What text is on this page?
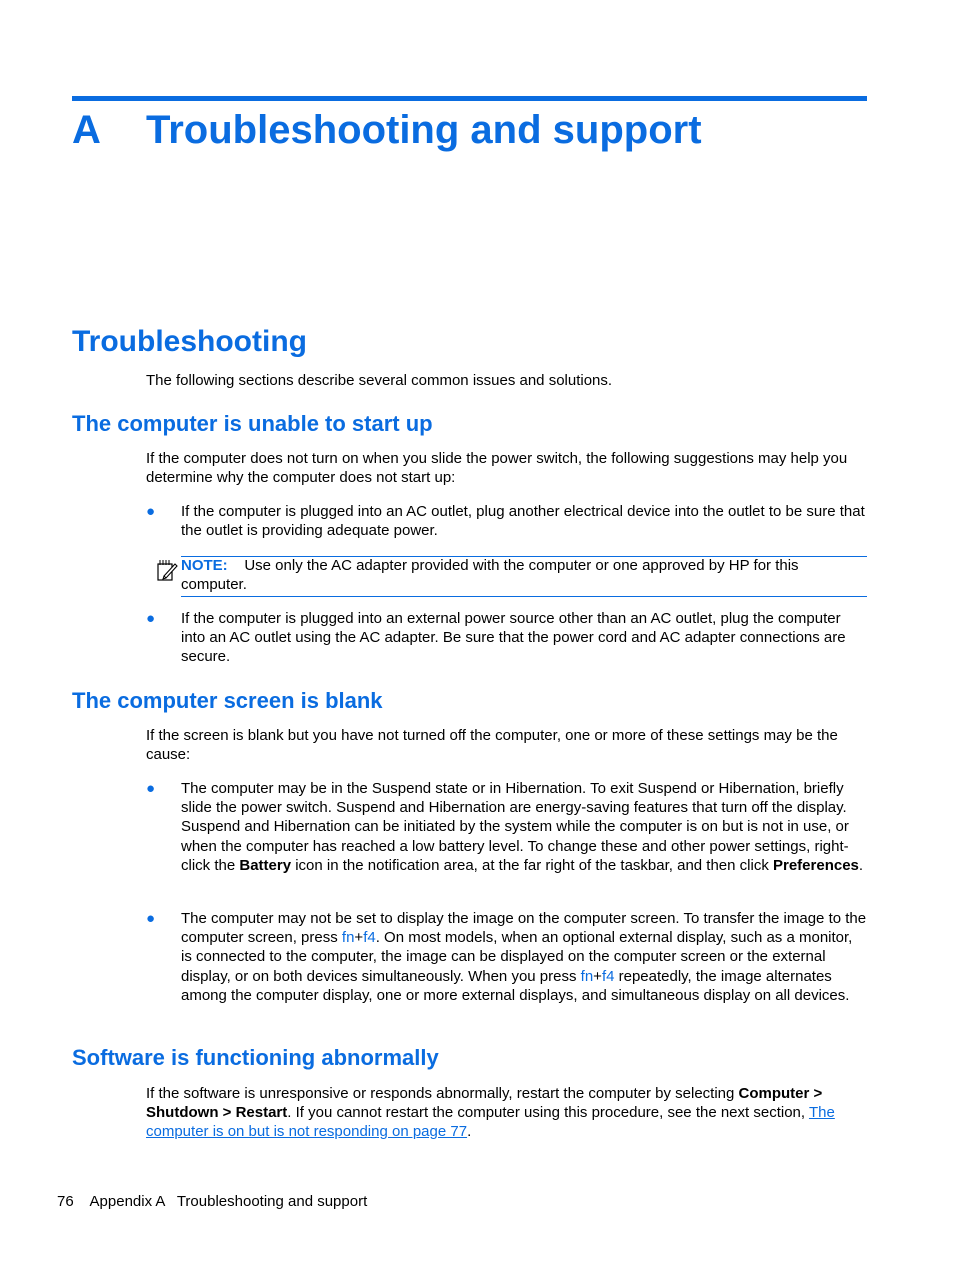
A Troubleshooting and support
Troubleshooting
The following sections describe several common issues and solutions.
The computer is unable to start up
If the computer does not turn on when you slide the power switch, the following suggestions may help you determine why the computer does not start up:
● If the computer is plugged into an AC outlet, plug another electrical device into the outlet to be sure that the outlet is providing adequate power.
NOTE: Use only the AC adapter provided with the computer or one approved by HP for this computer.
● If the computer is plugged into an external power source other than an AC outlet, plug the computer into an AC outlet using the AC adapter. Be sure that the power cord and AC adapter connections are secure.
The computer screen is blank
If the screen is blank but you have not turned off the computer, one or more of these settings may be the cause:
● The computer may be in the Suspend state or in Hibernation. To exit Suspend or Hibernation, briefly slide the power switch. Suspend and Hibernation are energy-saving features that turn off the display. Suspend and Hibernation can be initiated by the system while the computer is on but is not in use, or when the computer has reached a low battery level. To change these and other power settings, right-click the Battery icon in the notification area, at the far right of the taskbar, and then click Preferences.
● The computer may not be set to display the image on the computer screen. To transfer the image to the computer screen, press fn+f4. On most models, when an optional external display, such as a monitor, is connected to the computer, the image can be displayed on the computer screen or the external display, or on both devices simultaneously. When you press fn+f4 repeatedly, the image alternates among the computer display, one or more external displays, and simultaneous display on all devices.
Software is functioning abnormally
If the software is unresponsive or responds abnormally, restart the computer by selecting Computer > Shutdown > Restart. If you cannot restart the computer using this procedure, see the next section, The computer is on but is not responding on page 77.
76 Appendix A   Troubleshooting and support
